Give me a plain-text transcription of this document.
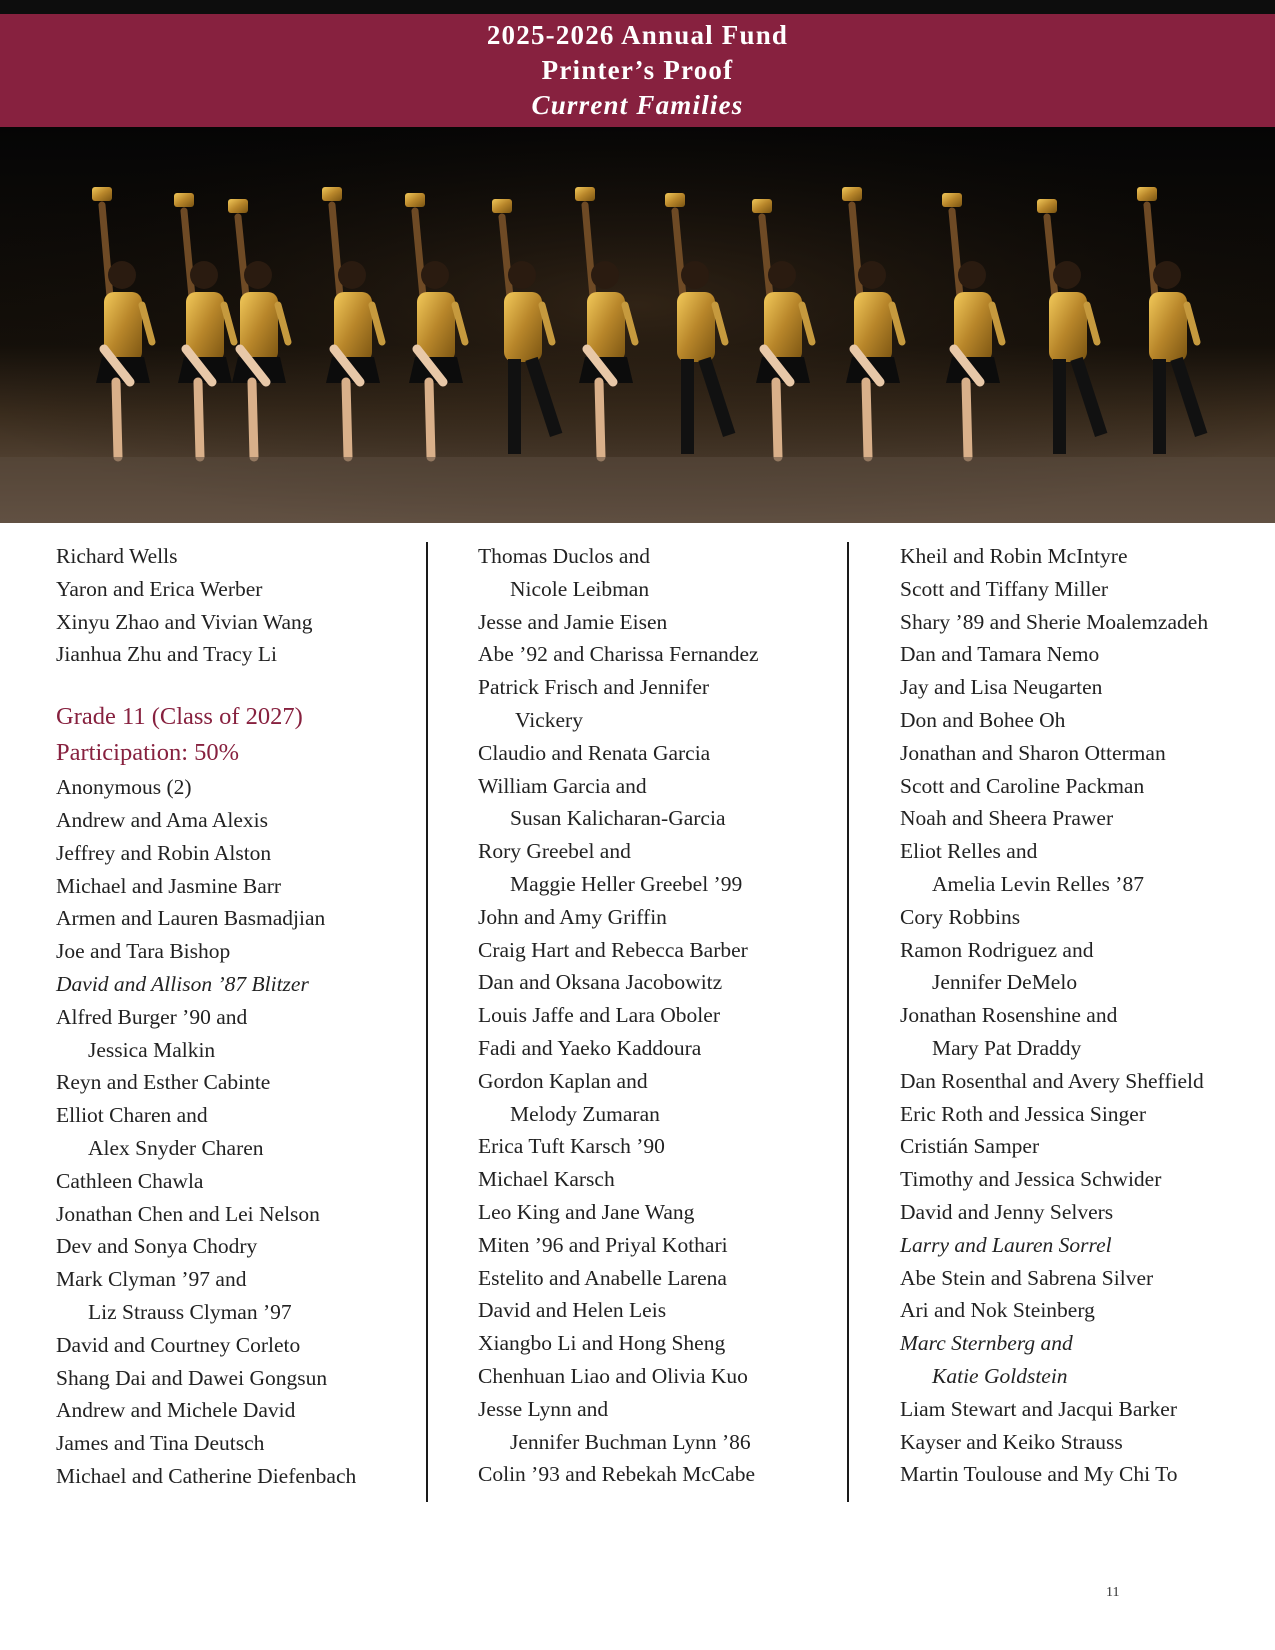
2025-2026 Annual Fund
Printer’s Proof
Current Families
Richard Wells
Yaron and Erica Werber
Xinyu Zhao and Vivian Wang
Jianhua Zhu and Tracy Li
Grade 11 (Class of 2027)
Participation: 50%
Anonymous (2)
Andrew and Ama Alexis
Jeffrey and Robin Alston
Michael and Jasmine Barr
Armen and Lauren Basmadjian
Joe and Tara Bishop
David and Allison ’87 Blitzer
Alfred Burger ’90 and
Jessica Malkin
Reyn and Esther Cabinte
Elliot Charen and
Alex Snyder Charen
Cathleen Chawla
Jonathan Chen and Lei Nelson
Dev and Sonya Chodry
Mark Clyman ’97 and
Liz Strauss Clyman ’97
David and Courtney Corleto
Shang Dai and Dawei Gongsun
Andrew and Michele David
James and Tina Deutsch
Michael and Catherine Diefenbach
Thomas Duclos and
Nicole Leibman
Jesse and Jamie Eisen
Abe ’92 and Charissa Fernandez
Patrick Frisch and Jennifer
Vickery
Claudio and Renata Garcia
William Garcia and
Susan Kalicharan-Garcia
Rory Greebel and
Maggie Heller Greebel ’99
John and Amy Griffin
Craig Hart and Rebecca Barber
Dan and Oksana Jacobowitz
Louis Jaffe and Lara Oboler
Fadi and Yaeko Kaddoura
Gordon Kaplan and
Melody Zumaran
Erica Tuft Karsch ’90
Michael Karsch
Leo King and Jane Wang
Miten ’96 and Priyal Kothari
Estelito and Anabelle Larena
David and Helen Leis
Xiangbo Li and Hong Sheng
Chenhuan Liao and Olivia Kuo
Jesse Lynn and
Jennifer Buchman Lynn ’86
Colin ’93 and Rebekah McCabe
Kheil and Robin McIntyre
Scott and Tiffany Miller
Shary ’89 and Sherie Moalemzadeh
Dan and Tamara Nemo
Jay and Lisa Neugarten
Don and Bohee Oh
Jonathan and Sharon Otterman
Scott and Caroline Packman
Noah and Sheera Prawer
Eliot Relles and
Amelia Levin Relles ’87
Cory Robbins
Ramon Rodriguez and
Jennifer DeMelo
Jonathan Rosenshine and
Mary Pat Draddy
Dan Rosenthal and Avery Sheffield
Eric Roth and Jessica Singer
Cristián Samper
Timothy and Jessica Schwider
David and Jenny Selvers
Larry and Lauren Sorrel
Abe Stein and Sabrena Silver
Ari and Nok Steinberg
Marc Sternberg and
Katie Goldstein
Liam Stewart and Jacqui Barker
Kayser and Keiko Strauss
Martin Toulouse and My Chi To
11
